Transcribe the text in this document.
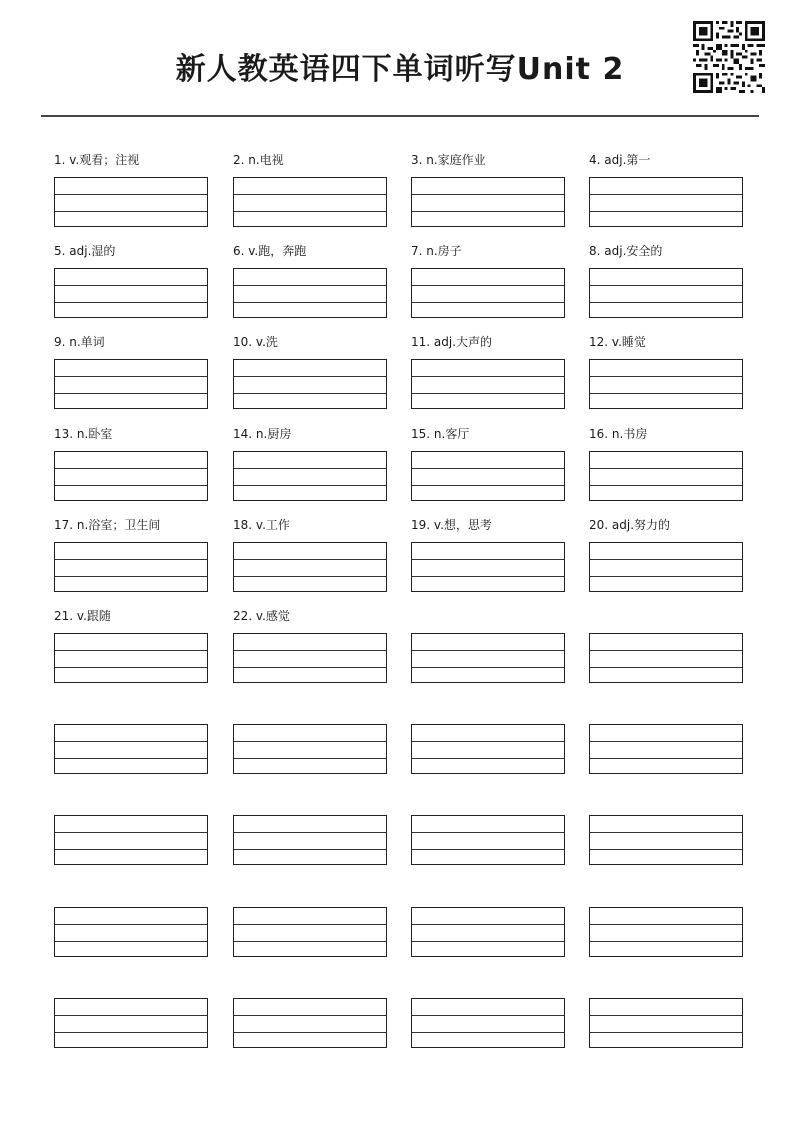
新人教英语四下单词听写Unit 2
1. v.观看；注视	2. n.电视	3. n.家庭作业	4. adj.第一
5. adj.湿的	6. v.跑，奔跑	7. n.房子	8. adj.安全的
9. n.单词	10. v.洗	11. adj.大声的	12. v.睡觉
13. n.卧室	14. n.厨房	15. n.客厅	16. n.书房
17. n.浴室；卫生间	18. v.工作	19. v.想，思考	20. adj.努力的
21. v.跟随	22. v.感觉
